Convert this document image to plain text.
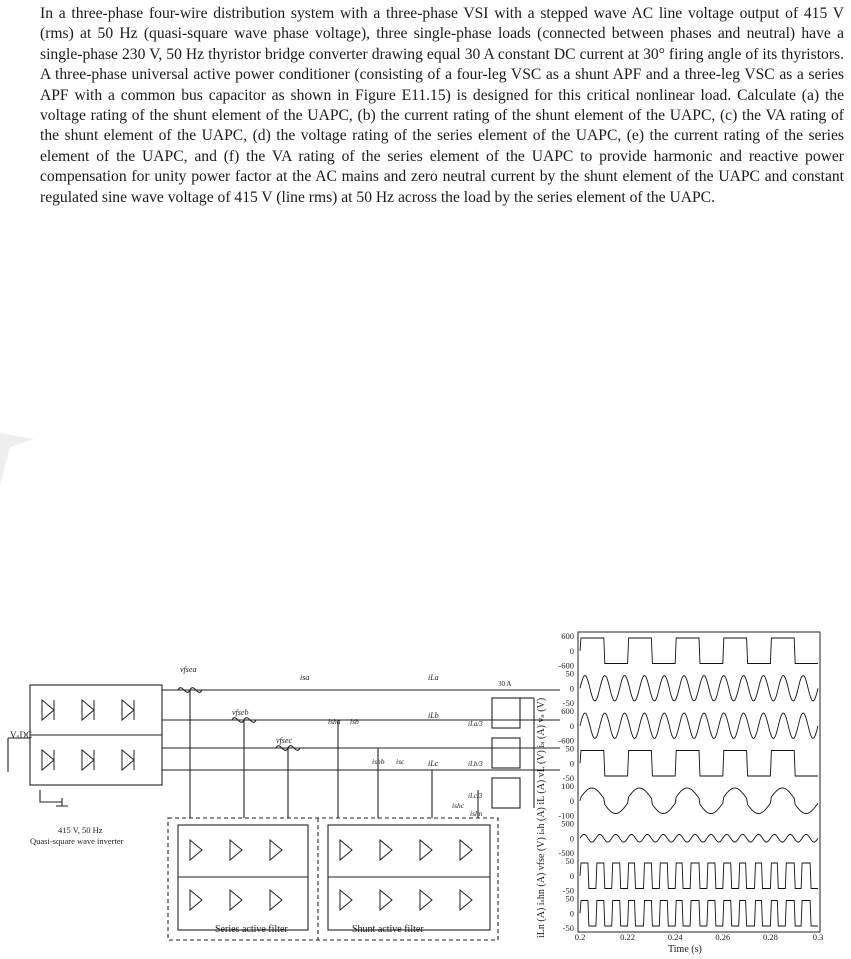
In a three-phase four-wire distribution system with a three-phase VSI with a stepped wave AC line voltage output of 415 V (rms) at 50 Hz (quasi-square wave phase voltage), three single-phase loads (connected between phases and neutral) have a single-phase 230 V, 50 Hz thyristor bridge converter drawing equal 30 A constant DC current at 30° firing angle of its thyristors. A three-phase universal active power conditioner (consisting of a four-leg VSC as a shunt APF and a three-leg VSC as a series APF with a common bus capacitor as shown in Figure E11.15) is designed for this critical nonlinear load. Calculate (a) the voltage rating of the shunt element of the UAPC, (b) the current rating of the shunt element of the UAPC, (c) the VA rating of the shunt element of the UAPC, (d) the voltage rating of the series element of the UAPC, (e) the current rating of the series element of the UAPC, and (f) the VA rating of the series element of the UAPC to provide harmonic and reactive power compensation for unity power factor at the AC mains and zero neutral current by the shunt element of the UAPC and constant regulated sine wave voltage of 415 V (line rms) at 50 Hz across the load by the series element of the UAPC.
VₛDC
415 V, 50 Hz
Quasi-square wave inverter
vfsea
vfseb
vfsec
isa
isha isb
ishb isc
ishc
ishn
iLa
iLb
iLc
iLa/3
iLb/3
iLc/3
30 A
Series active filter	Shunt active filter	iLn (A) iₛhn (A) vfse (V) iₛh (A) iL (A) vL (V) iₛ (A) vₛ (V)
600
0
-600
50
0
-50
600
0
-600
50
0
-50
100
0
-100
500
0
-500
50
0
-50
50
0
-50
0.2	0.22	0.24	0.26	0.28	0.3
Time (s)
